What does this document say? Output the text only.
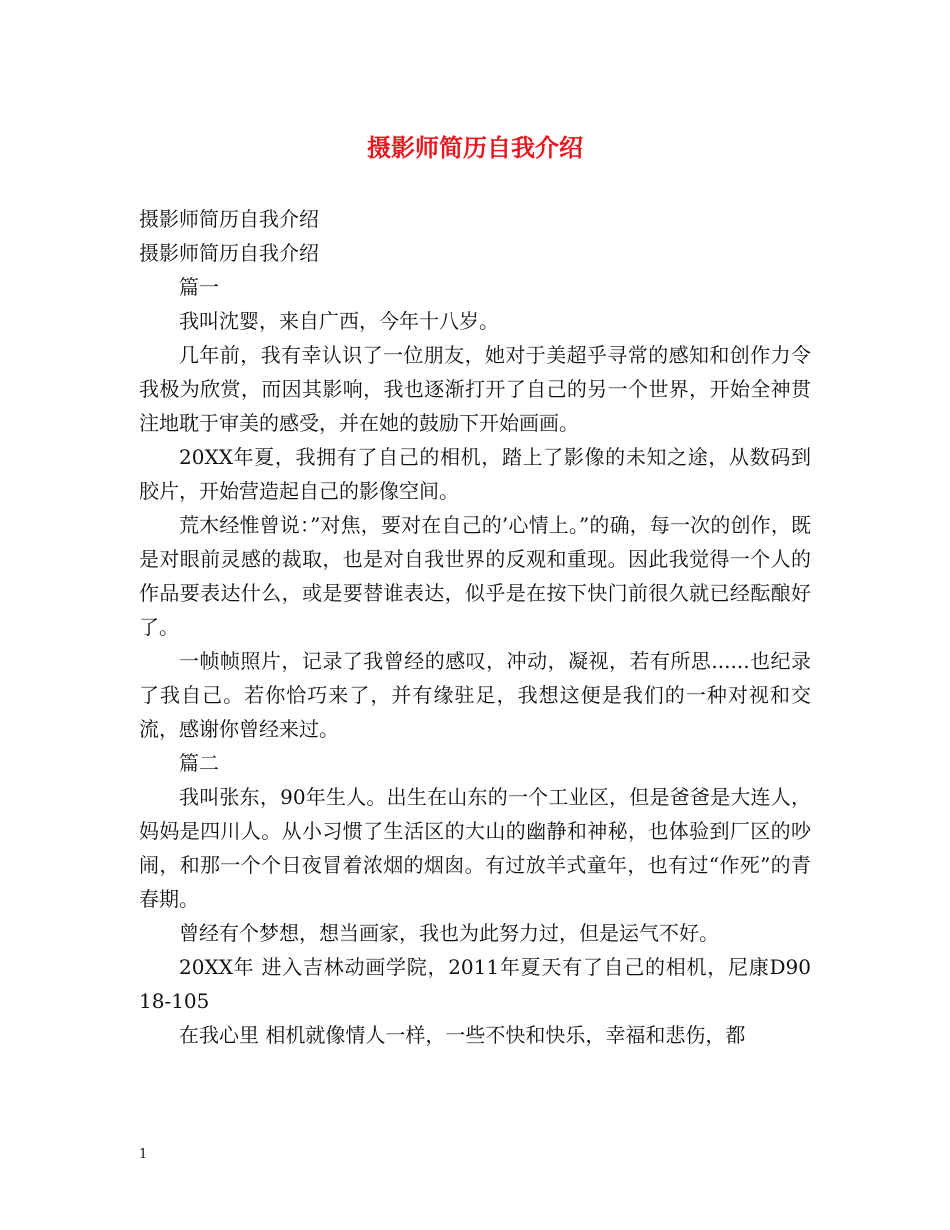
摄影师简历自我介绍

摄影师简历自我介绍

摄影师简历自我介绍

篇一

我叫沈婴，来自广西，今年十八岁。

几年前，我有幸认识了一位朋友，她对于美超乎寻常的感知和创作力令我极为欣赏，而因其影响，我也逐渐打开了自己的另一个世界，开始全神贯注地耽于审美的感受，并在她的鼓励下开始画画。

20XX年夏，我拥有了自己的相机，踏上了影像的未知之途，从数码到胶片，开始营造起自己的影像空间。

荒木经惟曾说：”对焦，要对在自己的’心情上。”的确，每一次的创作，既是对眼前灵感的裁取，也是对自我世界的反观和重现。因此我觉得一个人的作品要表达什么，或是要替谁表达，似乎是在按下快门前很久就已经酝酿好了。

一帧帧照片，记录了我曾经的感叹，冲动，凝视，若有所思......也纪录了我自己。若你恰巧来了，并有缘驻足，我想这便是我们的一种对视和交流，感谢你曾经来过。

篇二

我叫张东，90年生人。出生在山东的一个工业区，但是爸爸是大连人，妈妈是四川人。从小习惯了生活区的大山的幽静和神秘，也体验到厂区的吵闹，和那一个个日夜冒着浓烟的烟囱。有过放羊式童年，也有过“作死”的青春期。

曾经有个梦想，想当画家，我也为此努力过，但是运气不好。

20XX年 进入吉林动画学院，2011年夏天有了自己的相机，尼康D90 18-105

在我心里 相机就像情人一样，一些不快和快乐，幸福和悲伤，都

1
